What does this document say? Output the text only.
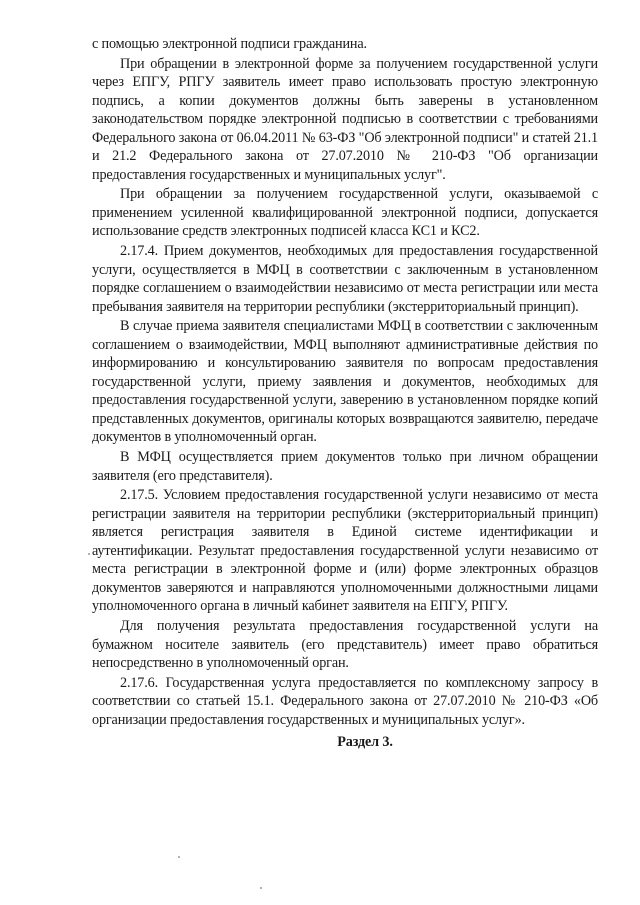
с помощью электронной подписи гражданина.

При обращении в электронной форме за получением государственной услуги через ЕПГУ, РПГУ заявитель имеет право использовать простую электронную подпись, а копии документов должны быть заверены в установленном законодательством порядке электронной подписью в соответствии с требованиями Федерального закона от 06.04.2011 № 63-ФЗ "Об электронной подписи" и статей 21.1 и 21.2 Федерального закона от 27.07.2010 № 210-ФЗ "Об организации предоставления государственных и муниципальных услуг".

При обращении за получением государственной услуги, оказываемой с применением усиленной квалифицированной электронной подписи, допускается использование средств электронных подписей класса КС1 и КС2.

2.17.4. Прием документов, необходимых для предоставления государственной услуги, осуществляется в МФЦ в соответствии с заключенным в установленном порядке соглашением о взаимодействии независимо от места регистрации или места пребывания заявителя на территории республики (экстерриториальный принцип).

В случае приема заявителя специалистами МФЦ в соответствии с заключенным соглашением о взаимодействии, МФЦ выполняют административные действия по информированию и консультированию заявителя по вопросам предоставления государственной услуги, приему заявления и документов, необходимых для предоставления государственной услуги, заверению в установленном порядке копий представленных документов, оригиналы которых возвращаются заявителю, передаче документов в уполномоченный орган.

В МФЦ осуществляется прием документов только при личном обращении заявителя (его представителя).

2.17.5. Условием предоставления государственной услуги независимо от места регистрации заявителя на территории республики (экстерриториальный принцип) является регистрация заявителя в Единой системе идентификации и аутентификации. Результат предоставления государственной услуги независимо от места регистрации в электронной форме и (или) форме электронных образцов документов заверяются и направляются уполномоченными должностными лицами уполномоченного органа в личный кабинет заявителя на ЕПГУ, РПГУ.

Для получения результата предоставления государственной услуги на бумажном носителе заявитель (его представитель) имеет право обратиться непосредственно в уполномоченный орган.

2.17.6. Государственная услуга предоставляется по комплексному запросу в соответствии со статьей 15.1. Федерального закона от 27.07.2010 № 210-ФЗ «Об организации предоставления государственных и муниципальных услуг».

Раздел 3.
